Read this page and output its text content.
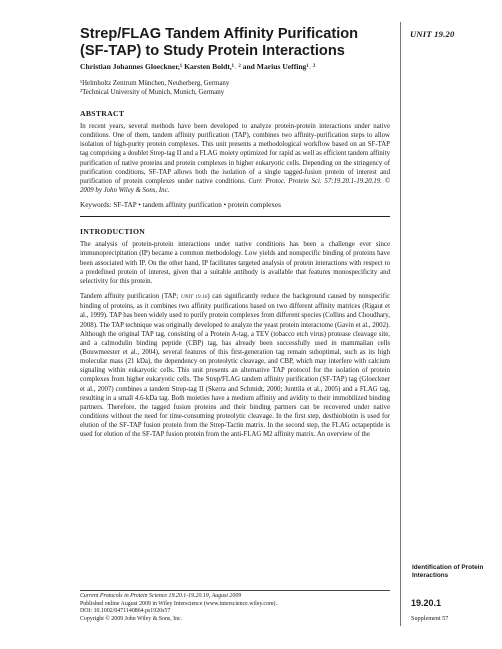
UNIT 19.20
Strep/FLAG Tandem Affinity Purification (SF-TAP) to Study Protein Interactions
Christian Johannes Gloeckner,¹ Karsten Boldt,¹˒ ² and Marius Ueffing¹˒ ²
¹Helmholtz Zentrum München, Neuherberg, Germany
²Technical University of Munich, Munich, Germany
ABSTRACT
In recent years, several methods have been developed to analyze protein-protein interactions under native conditions. One of them, tandem affinity purification (TAP), combines two affinity-purification steps to allow isolation of high-purity protein complexes. This unit presents a methodological workflow based on an SF-TAP tag comprising a doublet Strep-tag II and a FLAG moiety optimized for rapid as well as efficient tandem affinity purification of native proteins and protein complexes in higher eukaryotic cells. Depending on the stringency of purification conditions, SF-TAP allows both the isolation of a single tagged-fusion protein of interest and purification of protein complexes under native conditions. Curr. Protoc. Protein Sci. 57:19.20.1-19.20.19. © 2009 by John Wiley & Sons, Inc.
Keywords: SF-TAP • tandem affinity purification • protein complexes
INTRODUCTION
The analysis of protein-protein interactions under native conditions has been a challenge ever since immunoprecipitation (IP) became a common methodology. Low yields and nonspecific binding of proteins have been associated with IP. On the other hand, IP facilitates targeted analysis of protein interactions with respect to a predefined protein of interest, given that a suitable antibody is available that features monospecificity and selectivity for this protein.
Tandem affinity purification (TAP; UNIT 19.16) can significantly reduce the background caused by nonspecific binding of proteins, as it combines two affinity purifications based on two different affinity matrices (Rigaut et al., 1999). TAP has been widely used to purify protein complexes from different species (Collins and Choudhary, 2008). The TAP technique was originally developed to analyze the yeast protein interactome (Gavin et al., 2002). Although the original TAP tag, consisting of a Protein A-tag, a TEV (tobacco etch virus) protease cleavage site, and a calmodulin binding peptide (CBP) tag, has already been successfully used in mammalian cells (Bouwmeester et al., 2004), several features of this first-generation tag remain suboptimal, such as its high molecular mass (21 kDa), the dependency on proteolytic cleavage, and CBP, which may interfere with calcium signaling within eukaryotic cells. This unit presents an alternative TAP protocol for the isolation of protein complexes from higher eukaryotic cells. The Strep/FLAG tandem affinity purification (SF-TAP) tag (Gloeckner et al., 2007) combines a tandem Strep-tag II (Skerra and Schmidt, 2000; Junttila et al., 2005) and a FLAG tag, resulting in a small 4.6-kDa tag. Both moieties have a medium affinity and avidity to their immobilized binding partners. Therefore, the tagged fusion proteins and their binding partners can be recovered under native conditions without the need for time-consuming proteolytic cleavage. In the first step, desthiobiotin is used for elution of the SF-TAP fusion protein from the Strep-Tactin matrix. In the second step, the FLAG octapeptide is used for elution of the SF-TAP fusion protein from the anti-FLAG M2 affinity matrix. An overview of the
Identification of Protein Interactions
Current Protocols in Protein Science 19.20.1-19.20.19, August 2009
Published online August 2009 in Wiley Interscience (www.interscience.wiley.com).
DOI: 10.1002/0471140864.ps1920s57
Copyright © 2009 John Wiley & Sons, Inc.
19.20.1
Supplement 57
